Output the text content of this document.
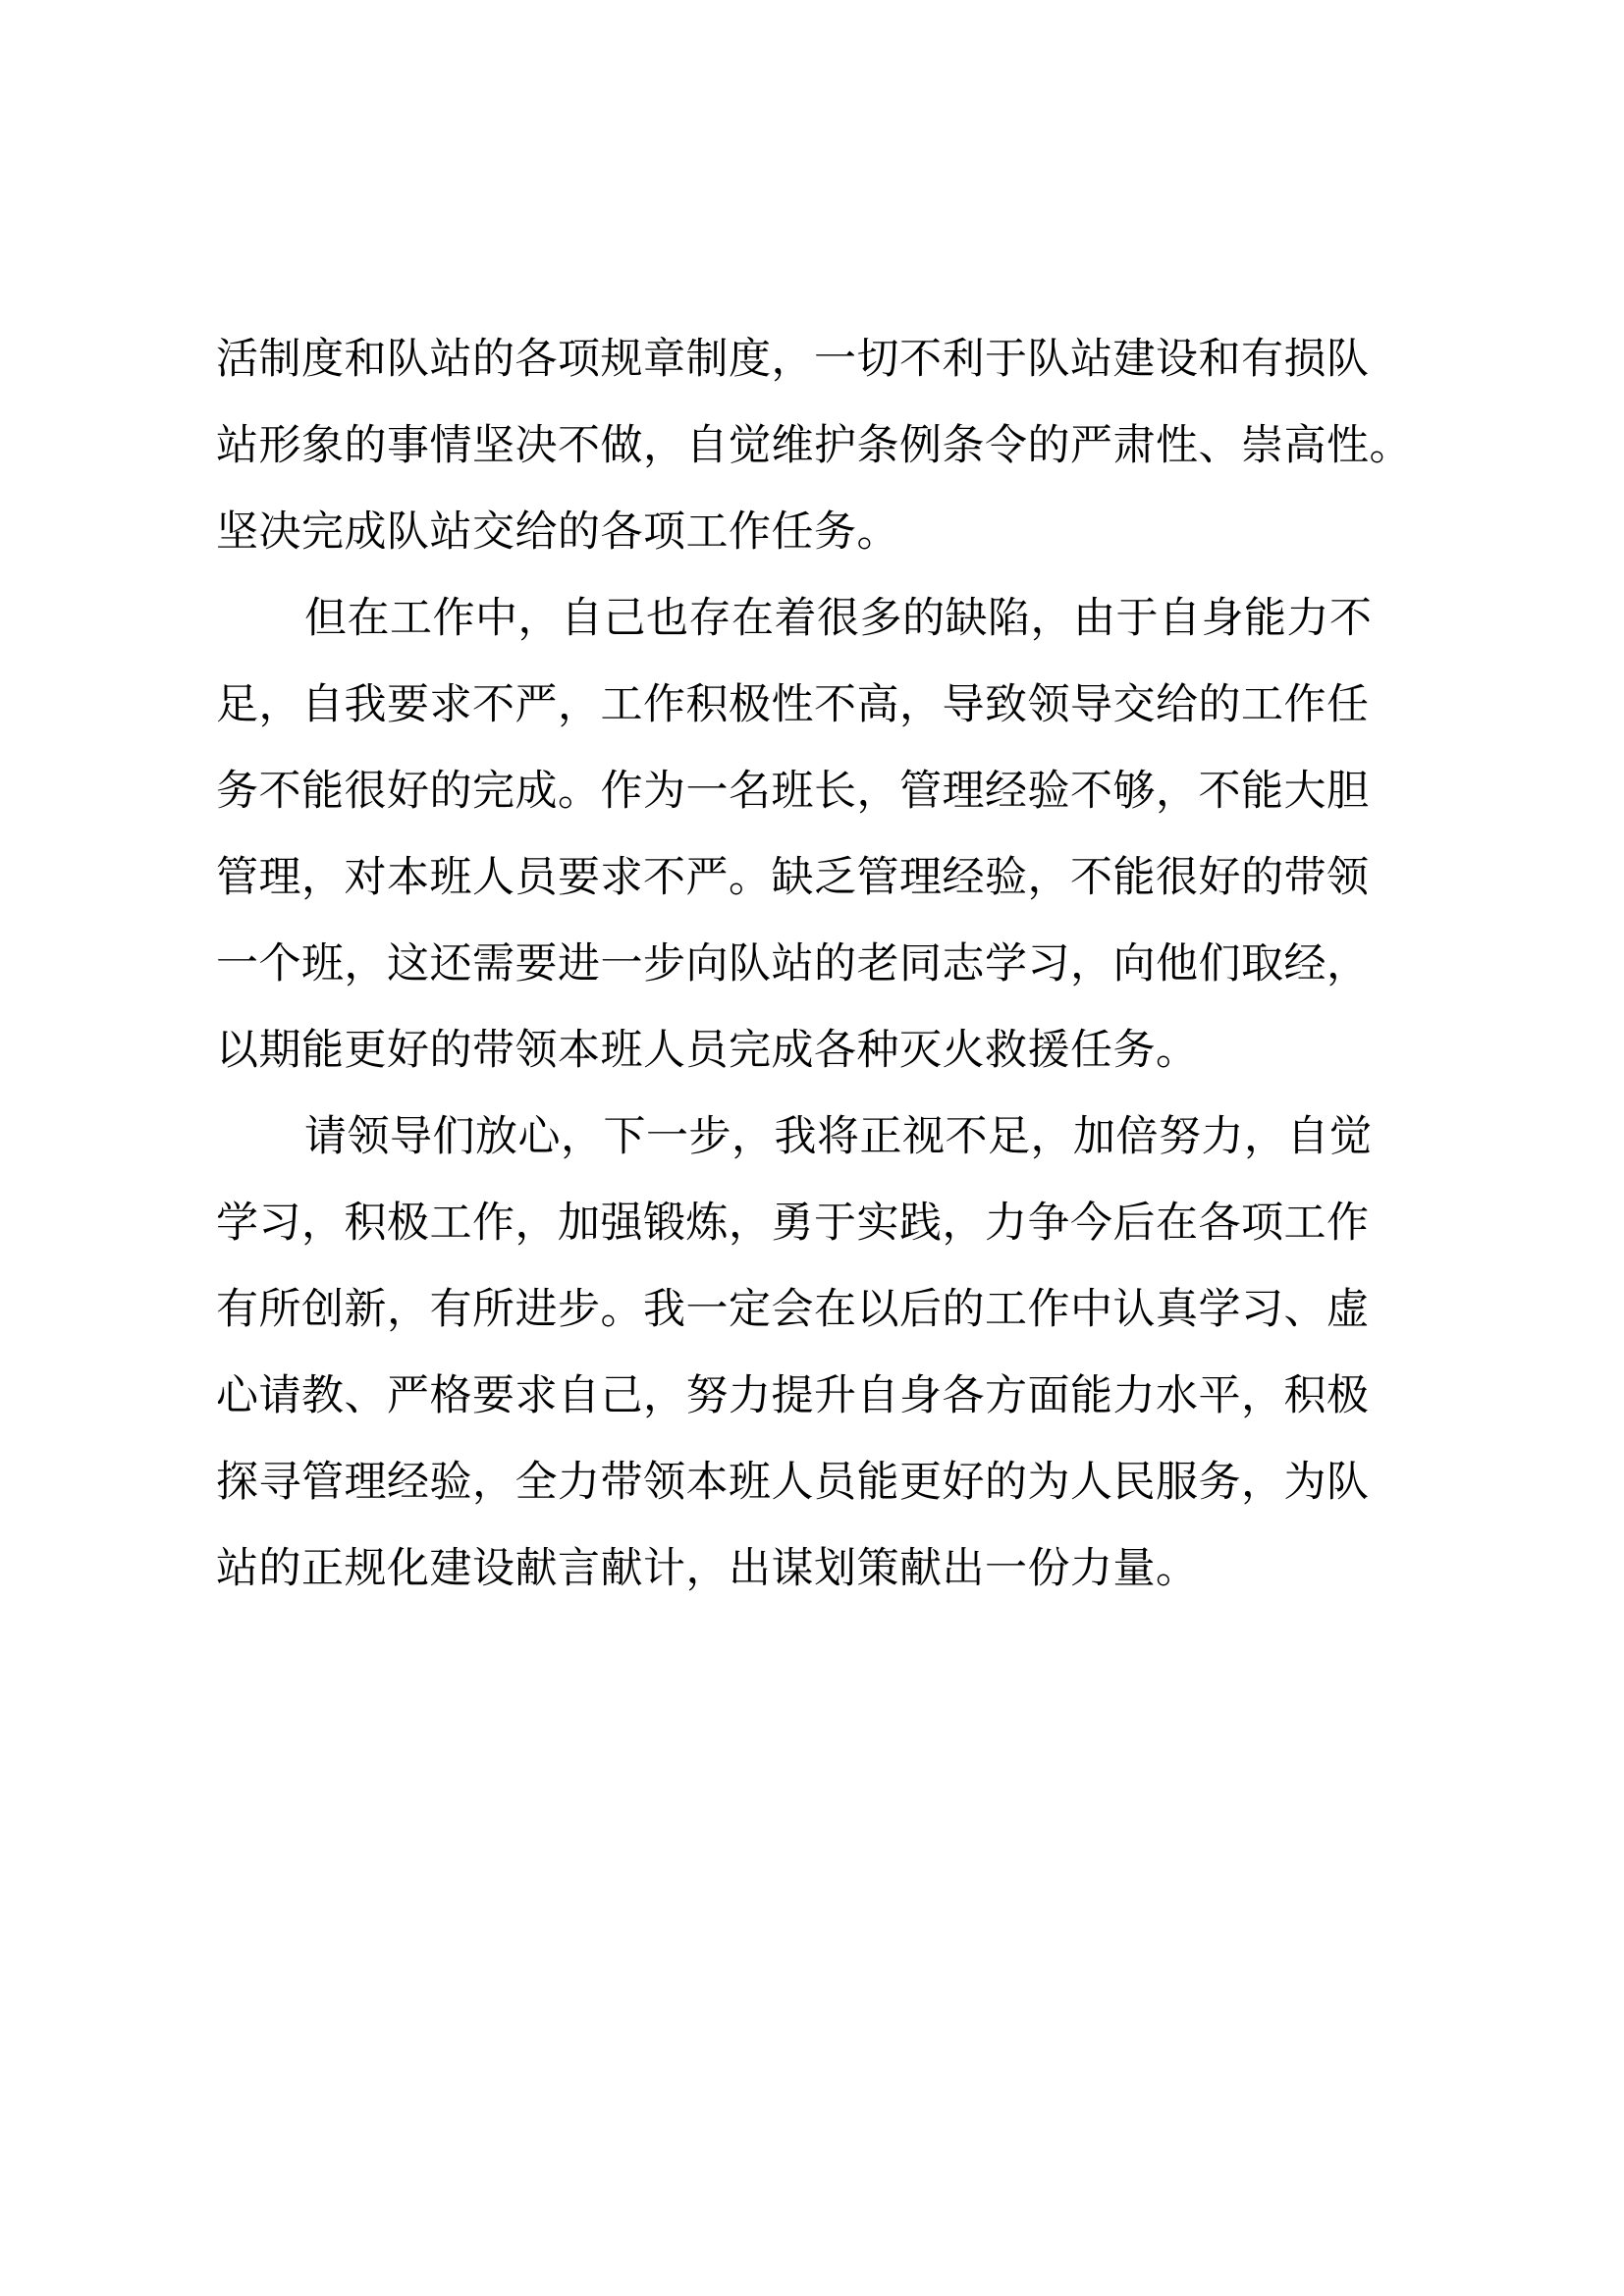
活制度和队站的各项规章制度，一切不利于队站建设和有损队
站形象的事情坚决不做，自觉维护条例条令的严肃性、崇高性。
坚决完成队站交给的各项工作任务。
但在工作中，自己也存在着很多的缺陷，由于自身能力不
足，自我要求不严，工作积极性不高，导致领导交给的工作任
务不能很好的完成。作为一名班长，管理经验不够，不能大胆
管理，对本班人员要求不严。缺乏管理经验，不能很好的带领
一个班，这还需要进一步向队站的老同志学习，向他们取经，
以期能更好的带领本班人员完成各种灭火救援任务。
请领导们放心，下一步，我将正视不足，加倍努力，自觉
学习，积极工作，加强锻炼，勇于实践，力争今后在各项工作
有所创新，有所进步。我一定会在以后的工作中认真学习、虚
心请教、严格要求自己，努力提升自身各方面能力水平，积极
探寻管理经验，全力带领本班人员能更好的为人民服务，为队
站的正规化建设献言献计，出谋划策献出一份力量。
